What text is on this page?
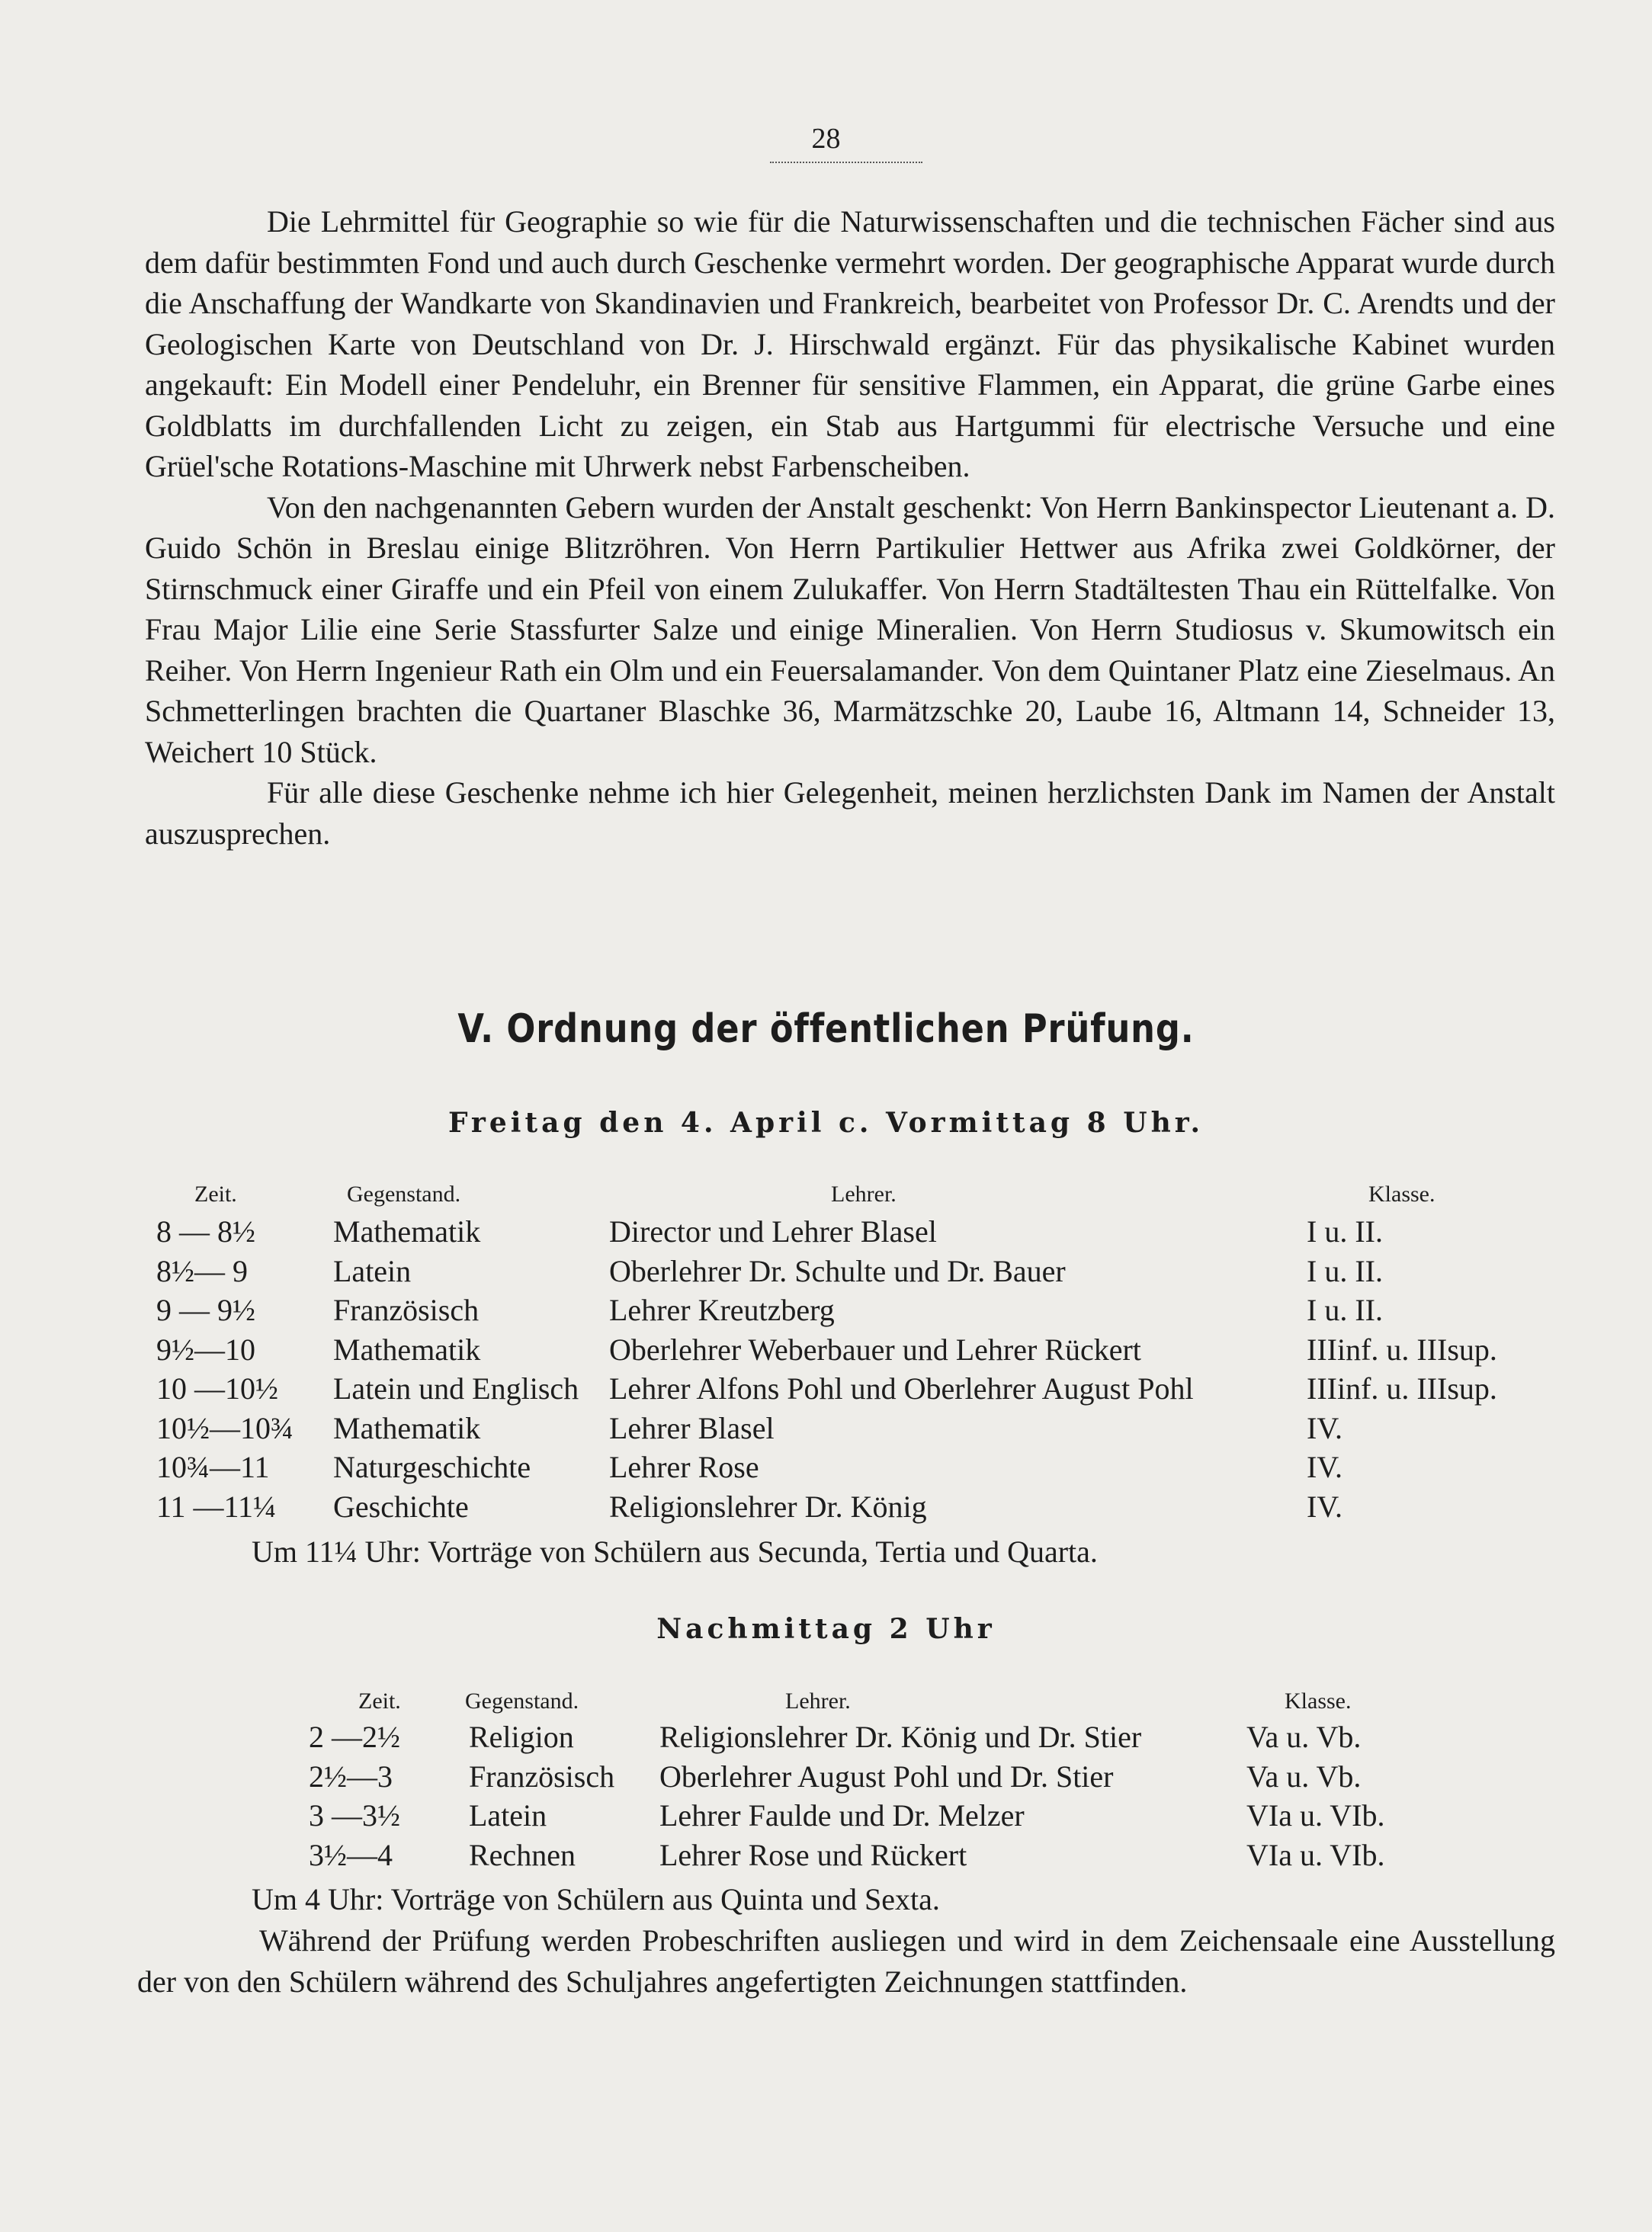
28

Die Lehrmittel für Geographie so wie für die Naturwissenschaften und die technischen Fächer sind aus dem dafür bestimmten Fond und auch durch Geschenke vermehrt worden. Der geographische Apparat wurde durch die Anschaffung der Wandkarte von Skandinavien und Frankreich, bearbeitet von Professor Dr. C. Arendts und der Geologischen Karte von Deutschland von Dr. J. Hirschwald ergänzt. Für das physikalische Kabinet wurden angekauft: Ein Modell einer Pendeluhr, ein Brenner für sensitive Flammen, ein Apparat, die grüne Garbe eines Goldblatts im durchfallenden Licht zu zeigen, ein Stab aus Hartgummi für electrische Versuche und eine Grüel'sche Rotations-Maschine mit Uhrwerk nebst Farbenscheiben.

Von den nachgenannten Gebern wurden der Anstalt geschenkt: Von Herrn Bankinspector Lieutenant a. D. Guido Schön in Breslau einige Blitzröhren. Von Herrn Partikulier Hettwer aus Afrika zwei Goldkörner, der Stirnschmuck einer Giraffe und ein Pfeil von einem Zulukaffer. Von Herrn Stadtältesten Thau ein Rüttelfalke. Von Frau Major Lilie eine Serie Stassfurter Salze und einige Mineralien. Von Herrn Studiosus v. Skumowitsch ein Reiher. Von Herrn Ingenieur Rath ein Olm und ein Feuersalamander. Von dem Quintaner Platz eine Zieselmaus. An Schmetterlingen brachten die Quartaner Blaschke 36, Marmätzschke 20, Laube 16, Altmann 14, Schneider 13, Weichert 10 Stück.

Für alle diese Geschenke nehme ich hier Gelegenheit, meinen herzlichsten Dank im Namen der Anstalt auszusprechen.

V. Ordnung der öffentlichen Prüfung.
Freitag den 4. April c. Vormittag 8 Uhr.
Zeit.	Gegenstand.	Lehrer.	Klasse.
8 — 8½	Mathematik	Director und Lehrer Blasel	I u. II.
8½— 9	Latein	Oberlehrer Dr. Schulte und Dr. Bauer	I u. II.
9 — 9½	Französisch	Lehrer Kreutzberg	I u. II.
9½—10	Mathematik	Oberlehrer Weberbauer und Lehrer Rückert	IIIinf. u. IIIsup.
10 —10½	Latein und Englisch	Lehrer Alfons Pohl und Oberlehrer August Pohl	IIIinf. u. IIIsup.
10½—10¾	Mathematik	Lehrer Blasel	IV.
10¾—11	Naturgeschichte	Lehrer Rose	IV.
11 —11¼	Geschichte	Religionslehrer Dr. König	IV.
Um 11¼ Uhr: Vorträge von Schülern aus Secunda, Tertia und Quarta.
Nachmittag 2 Uhr
Zeit.	Gegenstand.	Lehrer.	Klasse.
2 —2½	Religion	Religionslehrer Dr. König und Dr. Stier	Va u. Vb.
2½—3	Französisch	Oberlehrer August Pohl und Dr. Stier	Va u. Vb.
3 —3½	Latein	Lehrer Faulde und Dr. Melzer	VIa u. VIb.
3½—4	Rechnen	Lehrer Rose und Rückert	VIa u. VIb.
Um 4 Uhr: Vorträge von Schülern aus Quinta und Sexta.

Während der Prüfung werden Probeschriften ausliegen und wird in dem Zeichensaale eine Ausstellung der von den Schülern während des Schuljahres angefertigten Zeichnungen stattfinden.
